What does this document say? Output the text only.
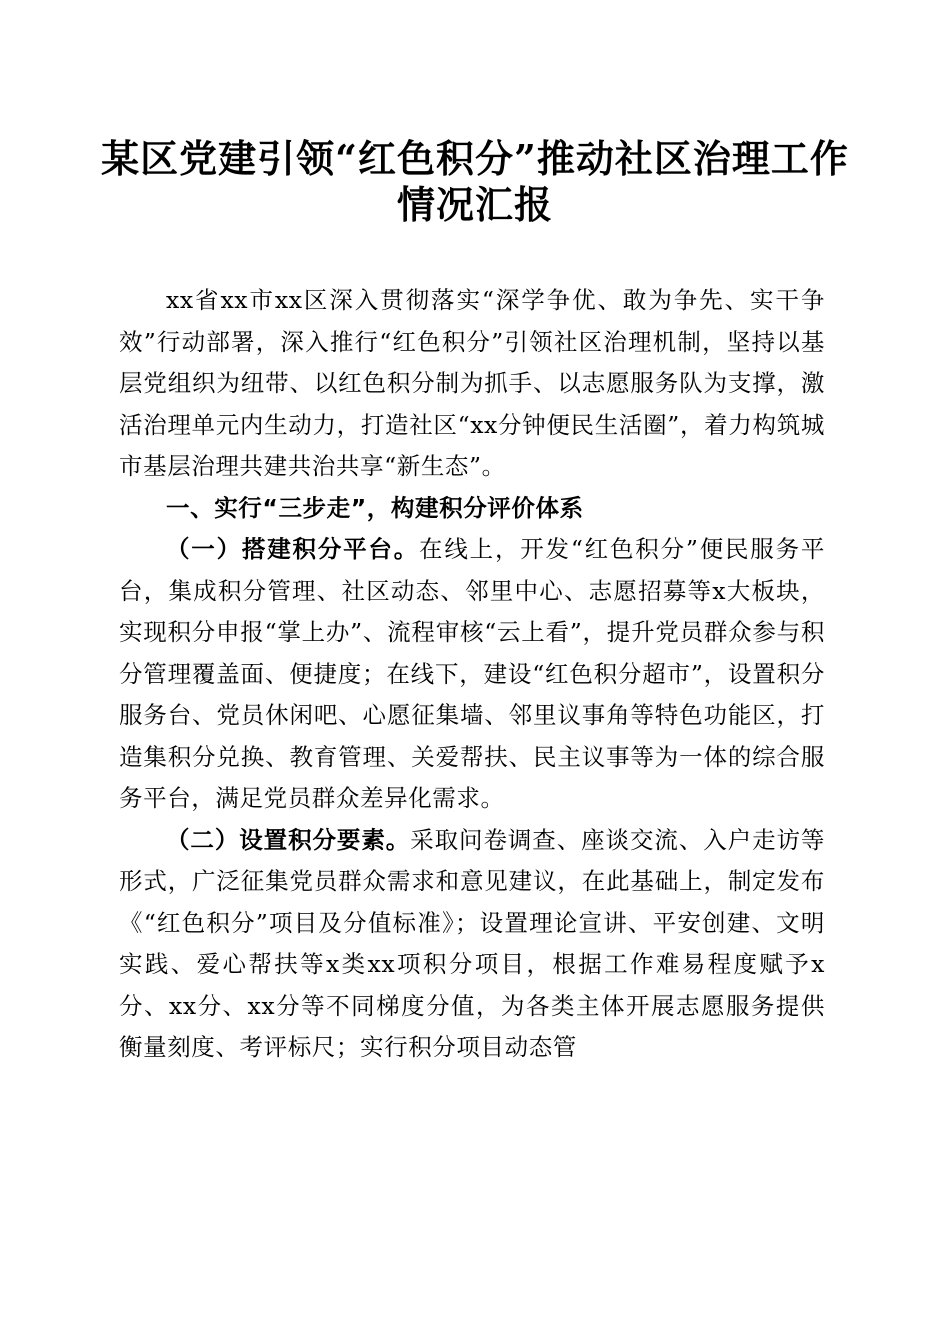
某区党建引领“红色积分”推动社区治理工作
情况汇报

xx省xx市xx区深入贯彻落实“深学争优、敢为争先、实干争效”行动部署，深入推行“红色积分”引领社区治理机制，坚持以基层党组织为纽带、以红色积分制为抓手、以志愿服务队为支撑，激活治理单元内生动力，打造社区“xx分钟便民生活圈”，着力构筑城市基层治理共建共治共享“新生态”。

一、实行“三步走”，构建积分评价体系

（一）搭建积分平台。在线上，开发“红色积分”便民服务平台，集成积分管理、社区动态、邻里中心、志愿招募等x大板块，实现积分申报“掌上办”、流程审核“云上看”，提升党员群众参与积分管理覆盖面、便捷度；在线下，建设“红色积分超市”，设置积分服务台、党员休闲吧、心愿征集墙、邻里议事角等特色功能区，打造集积分兑换、教育管理、关爱帮扶、民主议事等为一体的综合服务平台，满足党员群众差异化需求。

（二）设置积分要素。采取问卷调查、座谈交流、入户走访等形式，广泛征集党员群众需求和意见建议，在此基础上，制定发布《“红色积分”项目及分值标准》；设置理论宣讲、平安创建、文明实践、爱心帮扶等x类xx项积分项目，根据工作难易程度赋予x分、xx分、xx分等不同梯度分值，为各类主体开展志愿服务提供衡量刻度、考评标尺；实行积分项目动态管
